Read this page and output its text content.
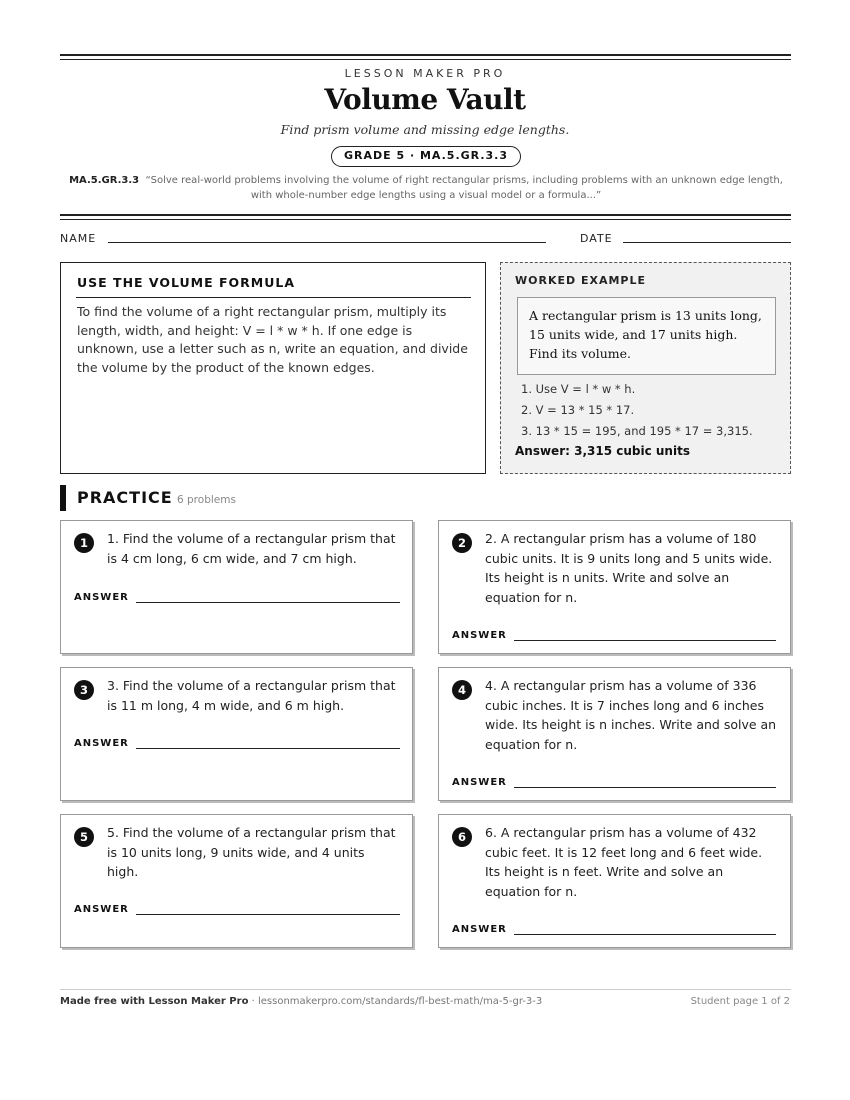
LESSON MAKER PRO
Volume Vault
Find prism volume and missing edge lengths.
GRADE 5 · MA.5.GR.3.3
MA.5.GR.3.3 “Solve real-world problems involving the volume of right rectangular prisms, including problems with an unknown edge length, with whole-number edge lengths using a visual model or a formula...”
NAME	DATE
USE THE VOLUME FORMULA
To find the volume of a right rectangular prism, multiply its length, width, and height: V = l * w * h. If one edge is unknown, use a letter such as n, write an equation, and divide the volume by the product of the known edges.
WORKED EXAMPLE
A rectangular prism is 13 units long, 15 units wide, and 17 units high. Find its volume.
1. Use V = l * w * h.
2. V = 13 * 15 * 17.
3. 13 * 15 = 195, and 195 * 17 = 3,315.
Answer: 3,315 cubic units
PRACTICE 6 problems
1	1. Find the volume of a rectangular prism that is 4 cm long, 6 cm wide, and 7 cm high.
ANSWER
2	2. A rectangular prism has a volume of 180 cubic units. It is 9 units long and 5 units wide. Its height is n units. Write and solve an equation for n.
ANSWER
3	3. Find the volume of a rectangular prism that is 11 m long, 4 m wide, and 6 m high.
ANSWER
4	4. A rectangular prism has a volume of 336 cubic inches. It is 7 inches long and 6 inches wide. Its height is n inches. Write and solve an equation for n.
ANSWER
5	5. Find the volume of a rectangular prism that is 10 units long, 9 units wide, and 4 units high.
ANSWER
6	6. A rectangular prism has a volume of 432 cubic feet. It is 12 feet long and 6 feet wide. Its height is n feet. Write and solve an equation for n.
ANSWER
Made free with Lesson Maker Pro · lessonmakerpro.com/standards/fl-best-math/ma-5-gr-3-3	Student page 1 of 2
